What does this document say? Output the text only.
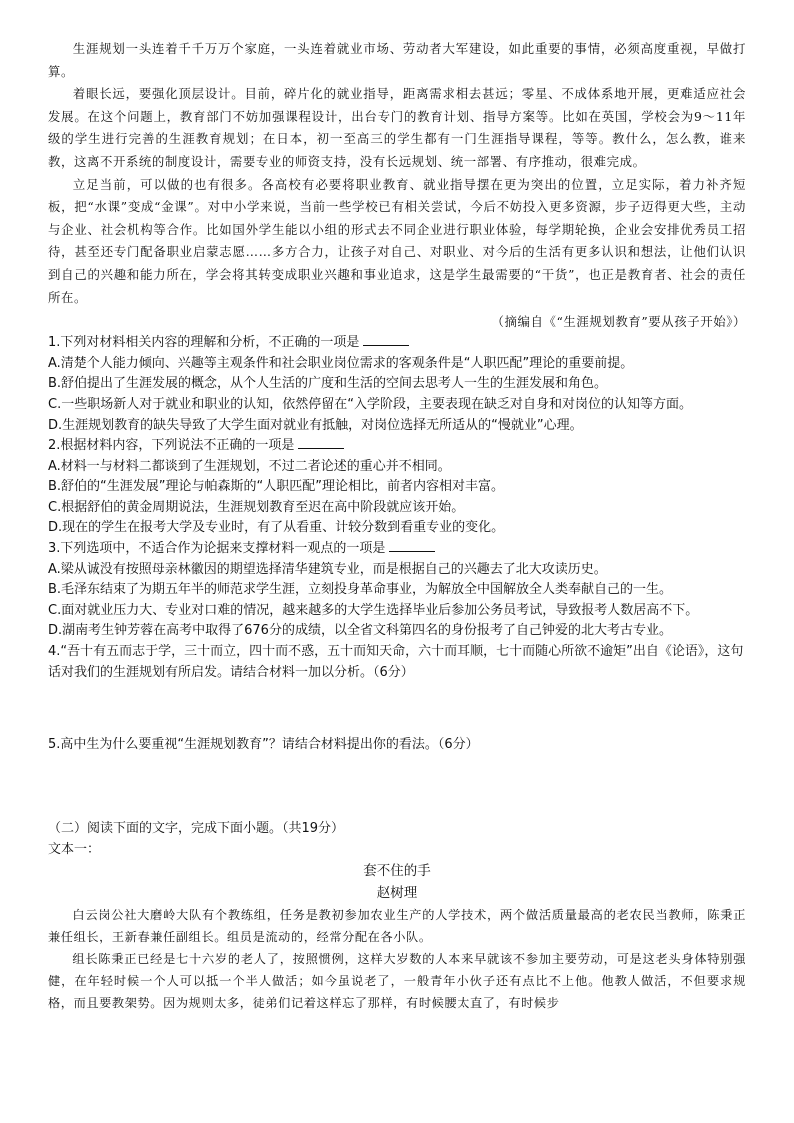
生涯规划一头连着千千万万个家庭，一头连着就业市场、劳动者大军建设，如此重要的事情，必须高度重视，早做打算。

着眼长远，要强化顶层设计。目前，碎片化的就业指导，距离需求相去甚远；零星、不成体系地开展，更难适应社会发展。在这个问题上，教育部门不妨加强课程设计，出台专门的教育计划、指导方案等。比如在英国，学校会为9～11年级的学生进行完善的生涯教育规划；在日本，初一至高三的学生都有一门生涯指导课程，等等。教什么，怎么教，谁来教，这离不开系统的制度设计，需要专业的师资支持，没有长远规划、统一部署、有序推动，很难完成。

立足当前，可以做的也有很多。各高校有必要将职业教育、就业指导摆在更为突出的位置，立足实际，着力补齐短板，把“水课”变成“金课”。对中小学来说，当前一些学校已有相关尝试，今后不妨投入更多资源，步子迈得更大些，主动与企业、社会机构等合作。比如国外学生能以小组的形式去不同企业进行职业体验，每学期轮换，企业会安排优秀员工招待，甚至还专门配备职业启蒙志愿……多方合力，让孩子对自己、对职业、对今后的生活有更多认识和想法，让他们认识到自己的兴趣和能力所在，学会将其转变成职业兴趣和事业追求，这是学生最需要的“干货”，也正是教育者、社会的责任所在。

（摘编自《“生涯规划教育”要从孩子开始》）

1.下列对材料相关内容的理解和分析，不正确的一项是

A.清楚个人能力倾向、兴趣等主观条件和社会职业岗位需求的客观条件是“人职匹配”理论的重要前提。

B.舒伯提出了生涯发展的概念，从个人生活的广度和生活的空间去思考人一生的生涯发展和角色。

C.一些职场新人对于就业和职业的认知，依然停留在“入学阶段，主要表现在缺乏对自身和对岗位的认知等方面。

D.生涯规划教育的缺失导致了大学生面对就业有抵触，对岗位选择无所适从的“慢就业”心理。

2.根据材料内容，下列说法不正确的一项是

A.材料一与材料二都谈到了生涯规划，不过二者论述的重心并不相同。

B.舒伯的“生涯发展”理论与帕森斯的“人职匹配”理论相比，前者内容相对丰富。

C.根据舒伯的黄金周期说法，生涯规划教育至迟在高中阶段就应该开始。

D.现在的学生在报考大学及专业时，有了从看重、计较分数到看重专业的变化。

3.下列选项中，不适合作为论据来支撑材料一观点的一项是

A.梁从诚没有按照母亲林徽因的期望选择清华建筑专业，而是根据自己的兴趣去了北大攻读历史。

B.毛泽东结束了为期五年半的师范求学生涯，立刻投身革命事业，为解放全中国解放全人类奉献自己的一生。

C.面对就业压力大、专业对口难的情况，越来越多的大学生选择毕业后参加公务员考试，导致报考人数居高不下。

D.湖南考生钟芳蓉在高考中取得了676分的成绩，以全省文科第四名的身份报考了自己钟爱的北大考古专业。

4.“吾十有五而志于学，三十而立，四十而不惑，五十而知天命，六十而耳顺，七十而随心所欲不逾矩”出自《论语》，这句话对我们的生涯规划有所启发。请结合材料一加以分析。（6分）

5.高中生为什么要重视“生涯规划教育”？请结合材料提出你的看法。（6分）

（二）阅读下面的文字，完成下面小题。（共19分）

文本一：

套不住的手

赵树理

白云岗公社大磨岭大队有个教练组，任务是教初参加农业生产的人学技术，两个做活质量最高的老农民当教师，陈秉正兼任组长，王新春兼任副组长。组员是流动的，经常分配在各小队。

组长陈秉正已经是七十六岁的老人了，按照惯例，这样大岁数的人本来早就该不参加主要劳动，可是这老头身体特别强健，在年轻时候一个人可以抵一个半人做活；如今虽说老了，一般青年小伙子还有点比不上他。他教人做活，不但要求规格，而且要教架势。因为规则太多，徒弟们记着这样忘了那样，有时候腰太直了，有时候步
